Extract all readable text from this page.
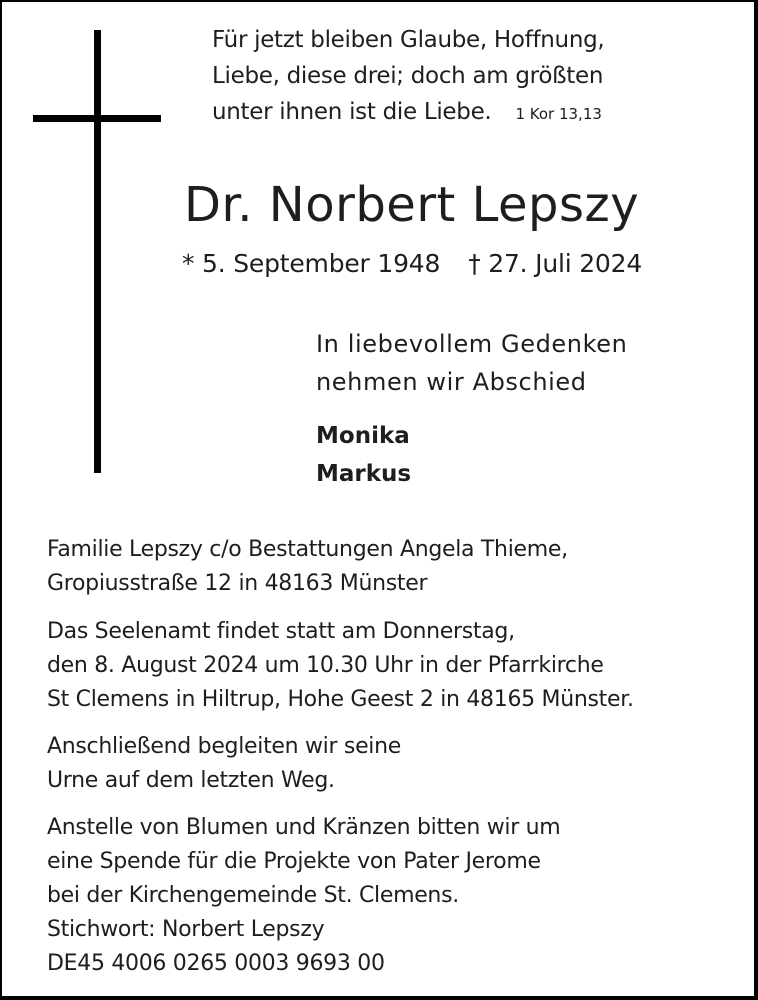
Für jetzt bleiben Glaube, Hoffnung,
Liebe, diese drei; doch am größten
unter ihnen ist die Liebe. 1 Kor 13,13
Dr. Norbert Lepszy
* 5. September 1948 † 27. Juli 2024
In liebevollem Gedenken
nehmen wir Abschied
Monika
Markus
Familie Lepszy c/o Bestattungen Angela Thieme,
Gropiusstraße 12 in 48163 Münster
Das Seelenamt findet statt am Donnerstag,
den 8. August 2024 um 10.30 Uhr in der Pfarrkirche
St Clemens in Hiltrup, Hohe Geest 2 in 48165 Münster.
Anschließend begleiten wir seine
Urne auf dem letzten Weg.
Anstelle von Blumen und Kränzen bitten wir um
eine Spende für die Projekte von Pater Jerome
bei der Kirchengemeinde St. Clemens.
Stichwort: Norbert Lepszy
DE45 4006 0265 0003 9693 00
